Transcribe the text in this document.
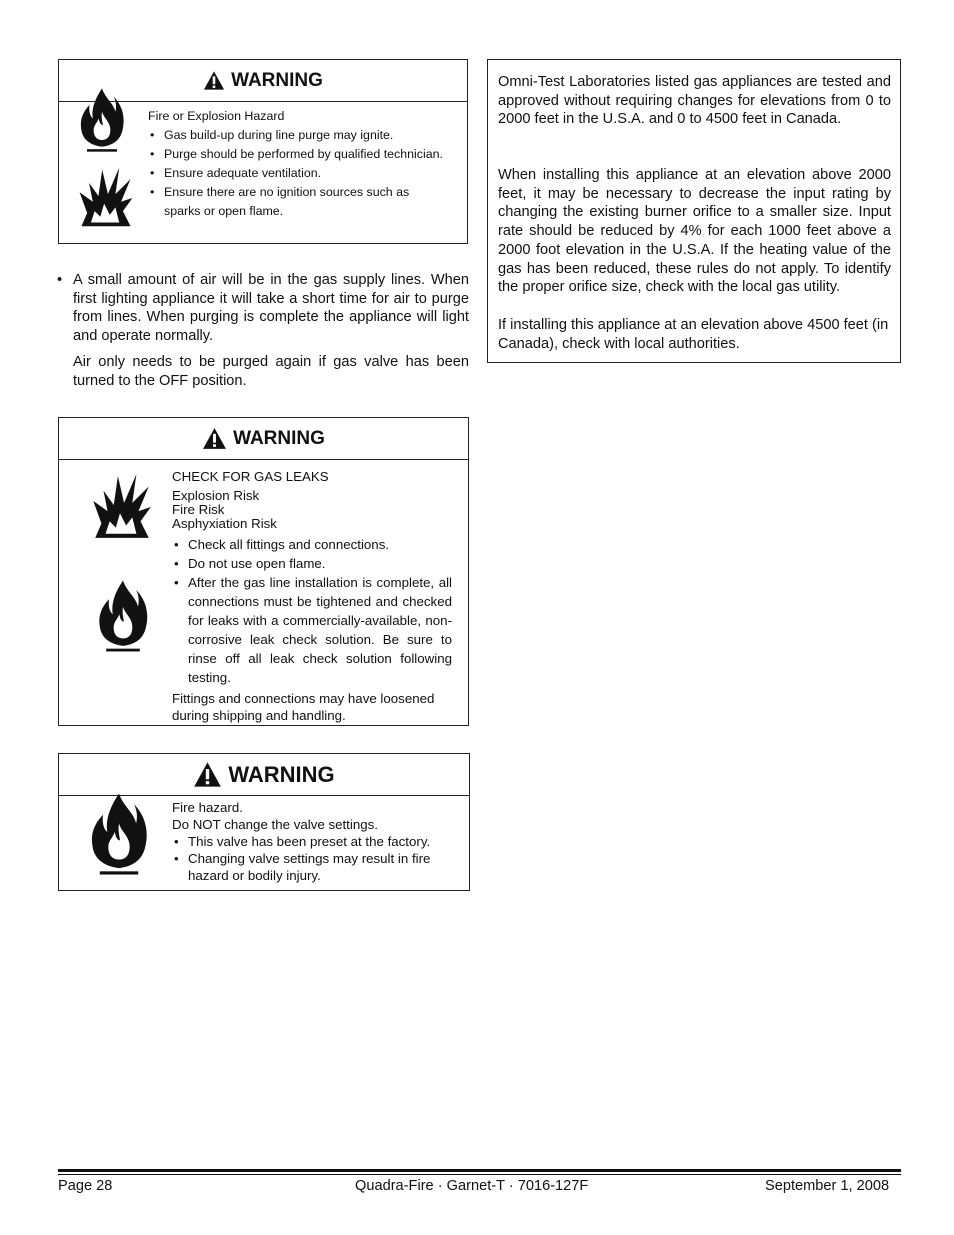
WARNING
Fire or Explosion Hazard
• Gas build-up during line purge may ignite.
• Purge should be performed by qualified technician.
• Ensure adequate ventilation.
• Ensure there are no ignition sources such as sparks or open flame.
• A small amount of air will be in the gas supply lines. When first lighting appliance it will take a short time for air to purge from lines. When purging is complete the appliance will light and operate normally.
Air only needs to be purged again if gas valve has been turned to the OFF position.
WARNING
CHECK FOR GAS LEAKS
Explosion Risk
Fire Risk
Asphyxiation Risk
• Check all fittings and connections.
• Do not use open flame.
• After the gas line installation is complete, all connections must be tightened and checked for leaks with a commercially-available, non-corrosive leak check solution. Be sure to rinse off all leak check solution following testing.
Fittings and connections may have loosened during shipping and handling.
WARNING
Fire hazard.
Do NOT change the valve settings.
• This valve has been preset at the factory.
• Changing valve settings may result in fire hazard or bodily injury.
Omni-Test Laboratories listed gas appliances are tested and approved without requiring changes for elevations from 0 to 2000 feet in the U.S.A. and 0 to 4500 feet in Canada.
When installing this appliance at an elevation above 2000 feet, it may be necessary to decrease the input rating by changing the existing burner orifice to a smaller size. Input rate should be reduced by 4% for each 1000 feet above a 2000 foot elevation in the U.S.A. If the heating value of the gas has been reduced, these rules do not apply. To identify the proper orifice size, check with the local gas utility.
If installing this appliance at an elevation above 4500 feet (in Canada), check with local authorities.
Page 28	Quadra-Fire · Garnet-T · 7016-127F	September 1, 2008
